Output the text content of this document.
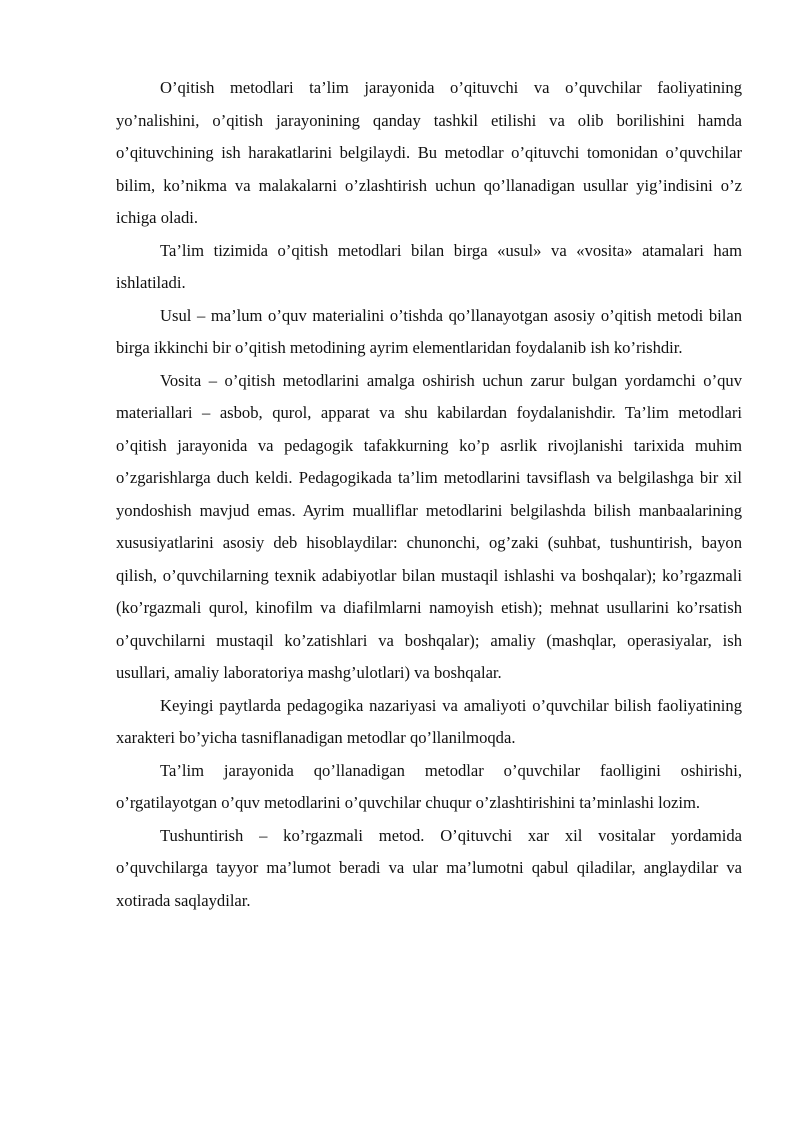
O’qitish metodlari ta’lim jarayonida o’qituvchi va o’quvchilar faoliyatining yo’nalishini, o’qitish jarayonining qanday tashkil etilishi va olib borilishini hamda o’qituvchining ish harakatlarini belgilaydi. Bu metodlar o’qituvchi tomonidan o’quvchilar bilim, ko’nikma va malakalarni o’zlashtirish uchun qo’llanadigan usullar yig’indisini o’z ichiga oladi.

Ta’lim tizimida o’qitish metodlari bilan birga «usul» va «vosita» atamalari ham ishlatiladi.

Usul – ma’lum o’quv materialini o’tishda qo’llanayotgan asosiy o’qitish metodi bilan birga ikkinchi bir o’qitish metodining ayrim elementlaridan foydalanib ish ko’rishdir.

Vosita – o’qitish metodlarini amalga oshirish uchun zarur bulgan yordamchi o’quv materiallari – asbob, qurol, apparat va shu kabilardan foydalanishdir. Ta’lim metodlari o’qitish jarayonida va pedagogik tafakkurning ko’p asrlik rivojlanishi tarixida muhim o’zgarishlarga duch keldi. Pedagogikada ta’lim metodlarini tavsiflash va belgilashga bir xil yondoshish mavjud emas. Ayrim mualliflar metodlarini belgilashda bilish manbaalarining xususiyatlarini asosiy deb hisoblaydilar: chunonchi, og’zaki (suhbat, tushuntirish, bayon qilish, o’quvchilarning texnik adabiyotlar bilan mustaqil ishlashi va boshqalar); ko’rgazmali (ko’rgazmali qurol, kinofilm va diafilmlarni namoyish etish); mehnat usullarini ko’rsatish o’quvchilarni mustaqil ko’zatishlari va boshqalar); amaliy (mashqlar, operasiyalar, ish usullari, amaliy laboratoriya mashg’ulotlari) va boshqalar.

Keyingi paytlarda pedagogika nazariyasi va amaliyoti o’quvchilar bilish faoliyatining xarakteri bo’yicha tasniflanadigan metodlar qo’llanilmoqda.

Ta’lim jarayonida qo’llanadigan metodlar o’quvchilar faolligini oshirishi, o’rgatilayotgan o’quv metodlarini o’quvchilar chuqur o’zlashtirishini ta’minlashi lozim.

Tushuntirish – ko’rgazmali metod. O’qituvchi xar xil vositalar yordamida o’quvchilarga tayyor ma’lumot beradi va ular ma’lumotni qabul qiladilar, anglaydilar va xotirada saqlaydilar.
